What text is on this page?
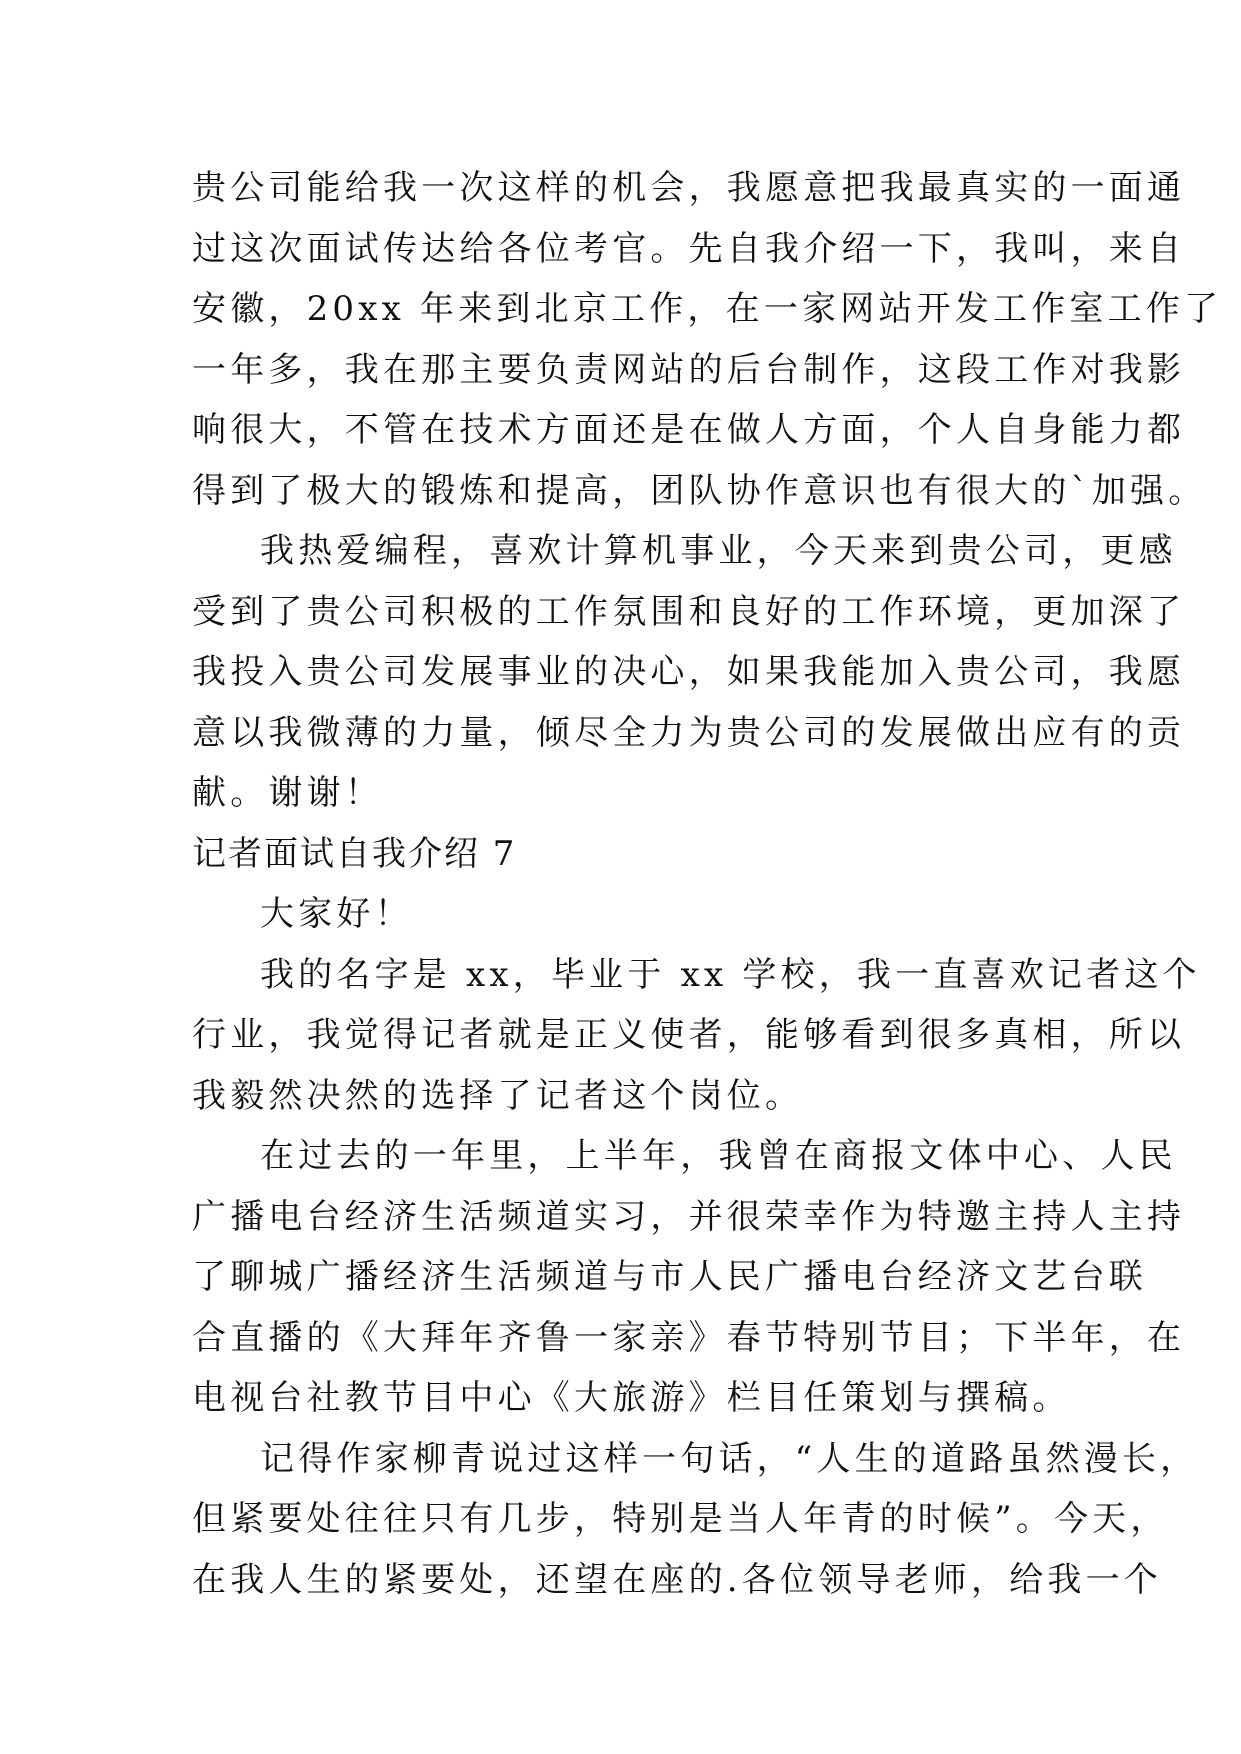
贵公司能给我一次这样的机会，我愿意把我最真实的一面通
过这次面试传达给各位考官。先自我介绍一下，我叫，来自
安徽，20xx 年来到北京工作，在一家网站开发工作室工作了
一年多，我在那主要负责网站的后台制作，这段工作对我影
响很大，不管在技术方面还是在做人方面，个人自身能力都
得到了极大的锻炼和提高，团队协作意识也有很大的`加强。
我热爱编程，喜欢计算机事业，今天来到贵公司，更感
受到了贵公司积极的工作氛围和良好的工作环境，更加深了
我投入贵公司发展事业的决心，如果我能加入贵公司，我愿
意以我微薄的力量，倾尽全力为贵公司的发展做出应有的贡
献。谢谢！
记者面试自我介绍 7
大家好！
我的名字是 xx，毕业于 xx 学校，我一直喜欢记者这个
行业，我觉得记者就是正义使者，能够看到很多真相，所以
我毅然决然的选择了记者这个岗位。
在过去的一年里，上半年，我曾在商报文体中心、人民
广播电台经济生活频道实习，并很荣幸作为特邀主持人主持
了聊城广播经济生活频道与市人民广播电台经济文艺台联
合直播的《大拜年齐鲁一家亲》春节特别节目；下半年，在
电视台社教节目中心《大旅游》栏目任策划与撰稿。
记得作家柳青说过这样一句话，“人生的道路虽然漫长，
但紧要处往往只有几步，特别是当人年青的时候”。今天，
在我人生的紧要处，还望在座的.各位领导老师，给我一个
